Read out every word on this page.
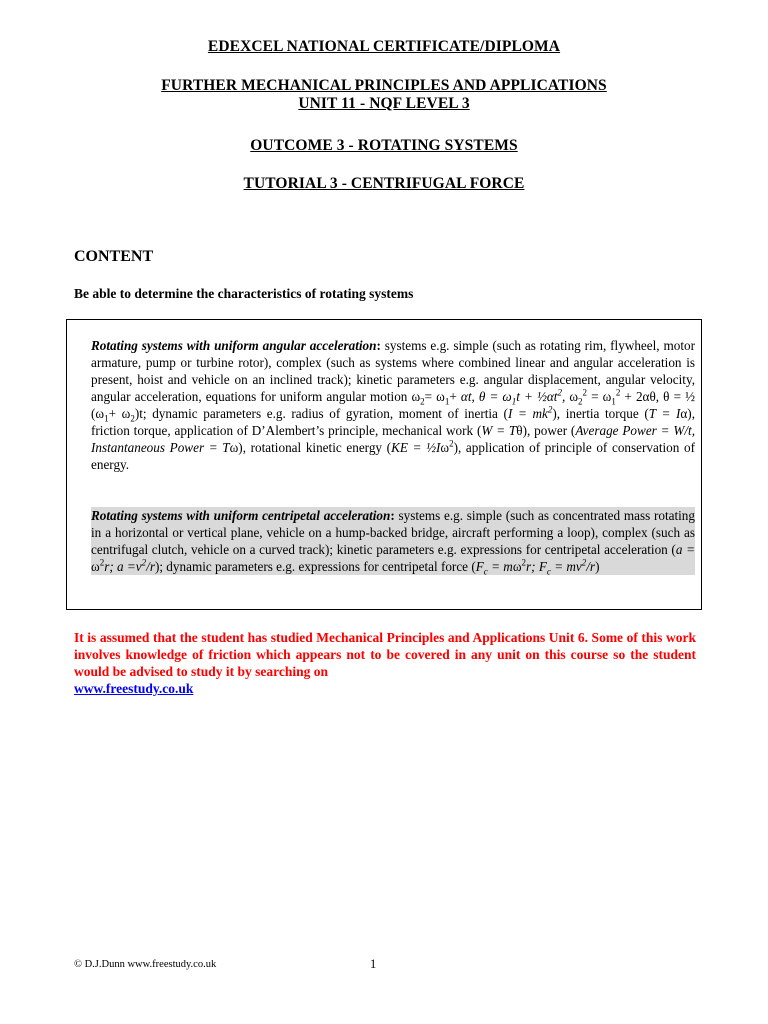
EDEXCEL NATIONAL CERTIFICATE/DIPLOMA
FURTHER MECHANICAL PRINCIPLES AND APPLICATIONS
UNIT 11 - NQF LEVEL 3
OUTCOME 3 - ROTATING SYSTEMS
TUTORIAL 3 - CENTRIFUGAL FORCE
CONTENT
Be able to determine the characteristics of rotating systems
Rotating systems with uniform angular acceleration: systems e.g. simple (such as rotating rim, flywheel, motor armature, pump or turbine rotor), complex (such as systems where combined linear and angular acceleration is present, hoist and vehicle on an inclined track); kinetic parameters e.g. angular displacement, angular velocity, angular acceleration, equations for uniform angular motion $\omega_2= \omega_1+ \alpha t$, $\theta = \omega_1t$ + $\frac{1}{2}\alpha t^2$, $\omega_2^2 = \omega_1^2 + 2\alpha\theta$, θ = ½ $(\omega_1+ \omega_2)t$; dynamic parameters e.g. radius of gyration, moment of inertia $(I = mk^2)$, inertia torque (T = Iα), friction torque, application of D’Alembert’s principle, mechanical work (W = Tθ), power (Average Power = W/t, Instantaneous Power = Tω), rotational kinetic energy $(KE = \frac{1}{2}I\omega^2)$, application of principle of conservation of energy.
Rotating systems with uniform centripetal acceleration: systems e.g. simple (such as concentrated mass rotating in a horizontal or vertical plane, vehicle on a hump-backed bridge, aircraft performing a loop), complex (such as centrifugal clutch, vehicle on a curved track); kinetic parameters e.g. expressions for centripetal acceleration ($a = \omega^2r$; $a =v^2/r$); dynamic parameters e.g. expressions for centripetal force ($F_c = m\omega^2r$; $F_c = mv^2/r$)
It is assumed that the student has studied Mechanical Principles and Applications Unit 6. Some of this work involves knowledge of friction which appears not to be covered in any unit on this course so the student would be advised to study it by searching on
www.freestudy.co.uk
© D.J.Dunn www.freestudy.co.uk	1
